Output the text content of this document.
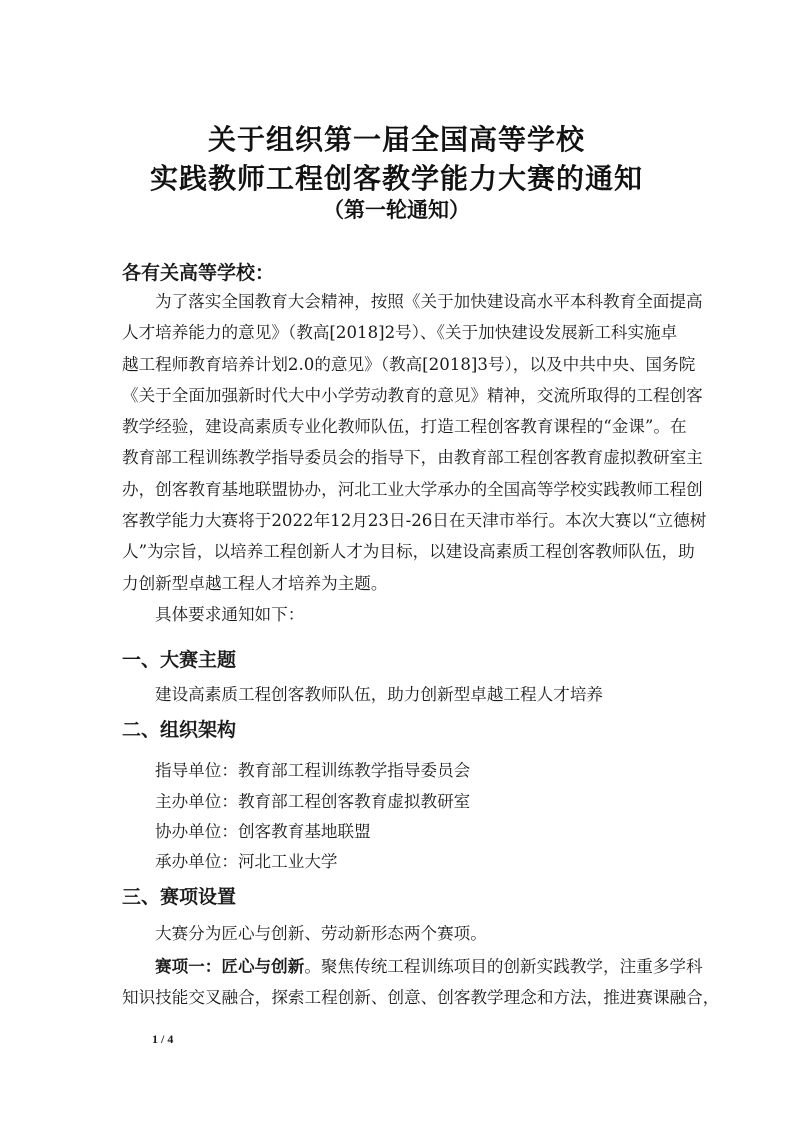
关于组织第一届全国高等学校
实践教师工程创客教学能力大赛的通知
（第一轮通知）
各有关高等学校：
为了落实全国教育大会精神，按照《关于加快建设高水平本科教育全面提高
人才培养能力的意见》（教高[2018]2号）、《关于加快建设发展新工科实施卓
越工程师教育培养计划2.0的意见》（教高[2018]3号），以及中共中央、国务院
《关于全面加强新时代大中小学劳动教育的意见》精神，交流所取得的工程创客
教学经验，建设高素质专业化教师队伍，打造工程创客教育课程的“金课”。在
教育部工程训练教学指导委员会的指导下，由教育部工程创客教育虚拟教研室主
办，创客教育基地联盟协办，河北工业大学承办的全国高等学校实践教师工程创
客教学能力大赛将于2022年12月23日-26日在天津市举行。本次大赛以“立德树
人”为宗旨，以培养工程创新人才为目标，以建设高素质工程创客教师队伍，助
力创新型卓越工程人才培养为主题。
具体要求通知如下：
一、大赛主题
建设高素质工程创客教师队伍，助力创新型卓越工程人才培养
二、组织架构
指导单位：教育部工程训练教学指导委员会
主办单位：教育部工程创客教育虚拟教研室
协办单位：创客教育基地联盟
承办单位：河北工业大学
三、赛项设置
大赛分为匠心与创新、劳动新形态两个赛项。
赛项一：匠心与创新。聚焦传统工程训练项目的创新实践教学，注重多学科
知识技能交叉融合，探索工程创新、创意、创客教学理念和方法，推进赛课融合，
1 / 4
